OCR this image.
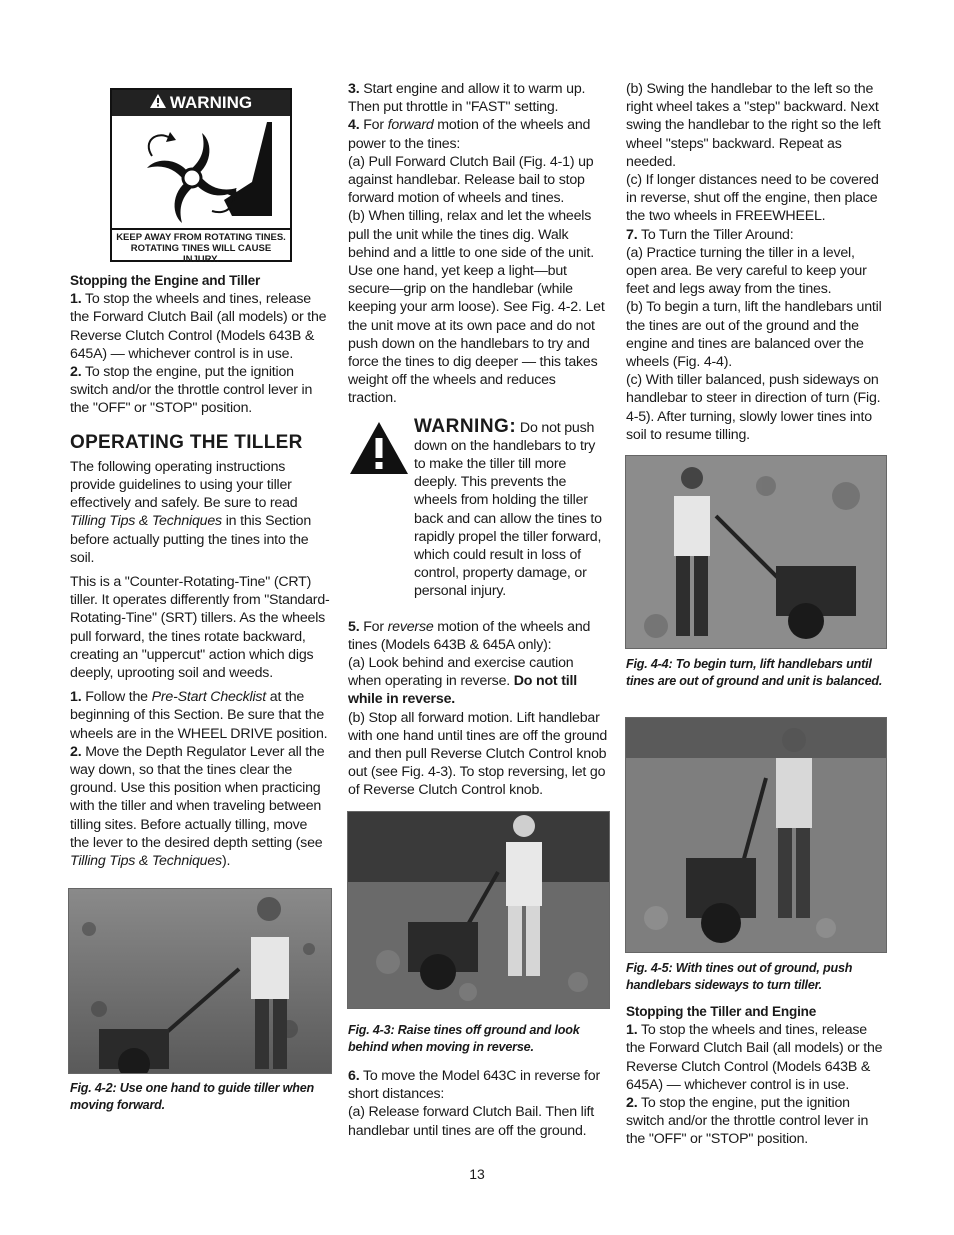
WARNING
KEEP AWAY FROM ROTATING TINES.
ROTATING TINES WILL CAUSE INJURY.

Stopping the Engine and Tiller

1. To stop the wheels and tines, release the Forward Clutch Bail (all models) or the Reverse Clutch Control (Models 643B & 645A) — whichever control is in use.

2. To stop the engine, put the ignition switch and/or the throttle control lever in the "OFF" or "STOP" position.

OPERATING THE TILLER

The following operating instructions provide guidelines to using your tiller effectively and safely. Be sure to read Tilling Tips & Techniques in this Section before actually putting the tines into the soil.

This is a "Counter-Rotating-Tine" (CRT) tiller. It operates differently from "Standard-Rotating-Tine" (SRT) tillers. As the wheels pull forward, the tines rotate backward, creating an "uppercut" action which digs deeply, uprooting soil and weeds.

1. Follow the Pre-Start Checklist at the beginning of this Section. Be sure that the wheels are in the WHEEL DRIVE position.

2. Move the Depth Regulator Lever all the way down, so that the tines clear the ground. Use this position when practicing with the tiller and when traveling between tilling sites. Before actually tilling, move the lever to the desired depth setting (see Tilling Tips & Techniques).

Fig. 4-2: Use one hand to guide tiller when moving forward.

3. Start engine and allow it to warm up. Then put throttle in "FAST" setting.

4. For forward motion of the wheels and power to the tines:

(a) Pull Forward Clutch Bail (Fig. 4-1) up against handlebar. Release bail to stop forward motion of wheels and tines.

(b) When tilling, relax and let the wheels pull the unit while the tines dig. Walk behind and a little to one side of the unit. Use one hand, yet keep a light—but secure—grip on the handlebar (while keeping your arm loose). See Fig. 4-2. Let the unit move at its own pace and do not push down on the handlebars to try and force the tines to dig deeper — this takes weight off the wheels and reduces traction.

WARNING: Do not push down on the handlebars to try to make the tiller till more deeply. This prevents the wheels from holding the tiller back and can allow the tines to rapidly propel the tiller forward, which could result in loss of control, property damage, or personal injury.

5. For reverse motion of the wheels and tines (Models 643B & 645A only):

(a) Look behind and exercise caution when operating in reverse. Do not till while in reverse.

(b) Stop all forward motion. Lift handlebar with one hand until tines are off the ground and then pull Reverse Clutch Control knob out (see Fig. 4-3). To stop reversing, let go of Reverse Clutch Control knob.

Fig. 4-3: Raise tines off ground and look behind when moving in reverse.

6. To move the Model 643C in reverse for short distances:

(a) Release forward Clutch Bail. Then lift handlebar until tines are off the ground.

(b) Swing the handlebar to the left so the right wheel takes a "step" backward. Next swing the handlebar to the right so the left wheel "steps" backward. Repeat as needed.

(c) If longer distances need to be covered in reverse, shut off the engine, then place the two wheels in FREEWHEEL.

7. To Turn the Tiller Around:

(a) Practice turning the tiller in a level, open area. Be very careful to keep your feet and legs away from the tines.

(b) To begin a turn, lift the handlebars until the tines are out of the ground and the engine and tines are balanced over the wheels (Fig. 4-4).

(c) With tiller balanced, push sideways on handlebar to steer in direction of turn (Fig. 4-5). After turning, slowly lower tines into soil to resume tilling.

Fig. 4-4: To begin turn, lift handlebars until tines are out of ground and unit is balanced.

Fig. 4-5: With tines out of ground, push handlebars sideways to turn tiller.

Stopping the Tiller and Engine

1. To stop the wheels and tines, release the Forward Clutch Bail (all models) or the Reverse Clutch Control (Models 643B & 645A) — whichever control is in use.

2. To stop the engine, put the ignition switch and/or the throttle control lever in the "OFF" or "STOP" position.

13
